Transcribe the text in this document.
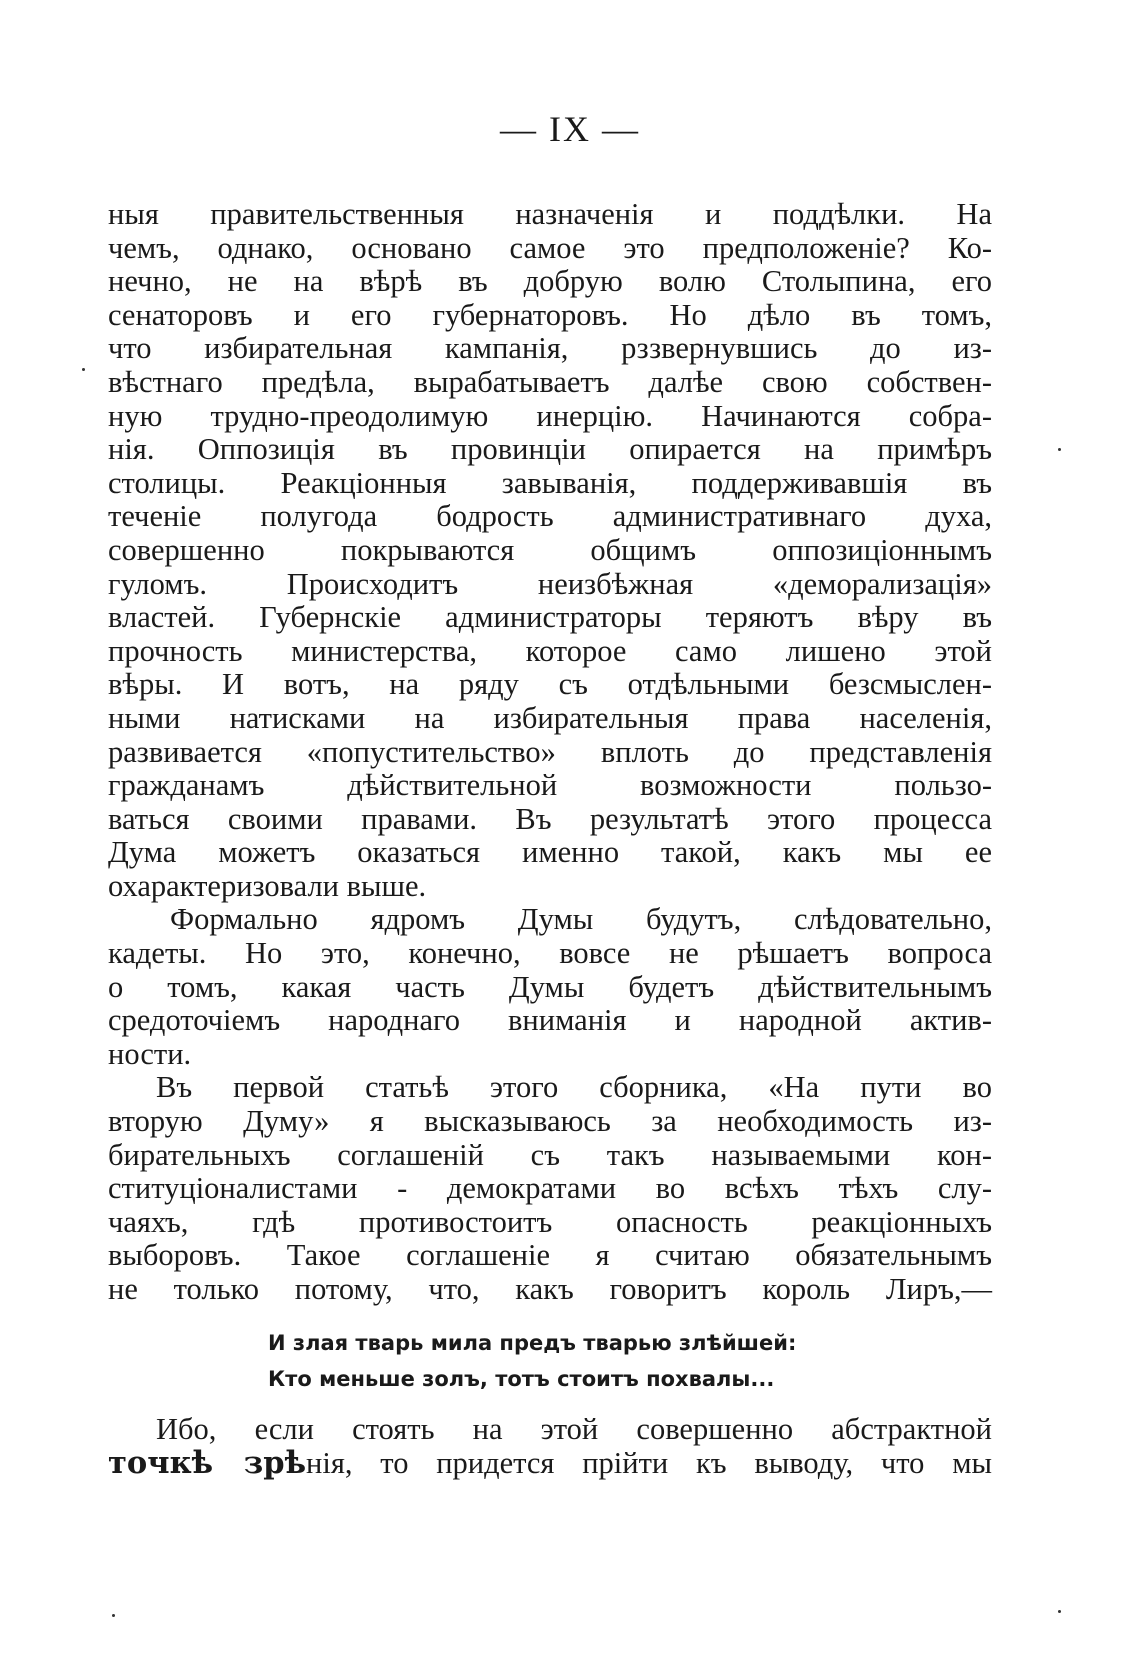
— IX —
ныя правительственныя назначенія и поддѣлки. На
чемъ, однако, основано самое это предположеніе? Ко-
нечно, не на вѣрѣ въ добрую волю Столыпина, его
сенаторовъ и его губернаторовъ. Но дѣло въ томъ,
что избирательная кампанія, рззвернувшись до из-
вѣстнаго предѣла, вырабатываетъ далѣе свою собствен-
ную трудно-преодолимую инерцію. Начинаются собра-
нія. Оппозиція въ провинціи опирается на примѣръ
столицы. Реакціонныя завыванія, поддерживавшія въ
теченіе полугода бодрость административнаго духа,
совершенно покрываются общимъ оппозиціоннымъ
гуломъ. Происходитъ неизбѣжная «деморализація»
властей. Губернскіе администраторы теряютъ вѣру въ
прочность министерства, которое само лишено этой
вѣры. И вотъ, на ряду съ отдѣльными безсмыслен-
ными натисками на избирательныя права населенія,
развивается «попустительство» вплоть до представленія
гражданамъ дѣйствительной возможности пользо-
ваться своими правами. Въ результатѣ этого процесса
Дума можетъ оказаться именно такой, какъ мы ее
охарактеризовали выше.
Формально ядромъ Думы будутъ, слѣдовательно,
кадеты. Но это, конечно, вовсе не рѣшаетъ вопроса
о томъ, какая часть Думы будетъ дѣйствительнымъ
средоточіемъ народнаго вниманія и народной актив-
ности.
Въ первой статьѣ этого сборника, «На пути во
вторую Думу» я высказываюсь за необходимость из-
бирательныхъ соглашеній съ такъ называемыми кон-
ституціоналистами - демократами во всѣхъ тѣхъ слу-
чаяхъ, гдѣ противостоитъ опасность реакціонныхъ
выборовъ. Такое соглашеніе я считаю обязательнымъ
не только потому, что, какъ говоритъ король Лиръ,—
И злая тварь мила предъ тварью злѣйшей:
Кто меньше золъ, тотъ стоитъ похвалы...
Ибо, если стоять на этой совершенно абстрактной
точкѣ зрѣнія, то придется прійти къ выводу, что мы
